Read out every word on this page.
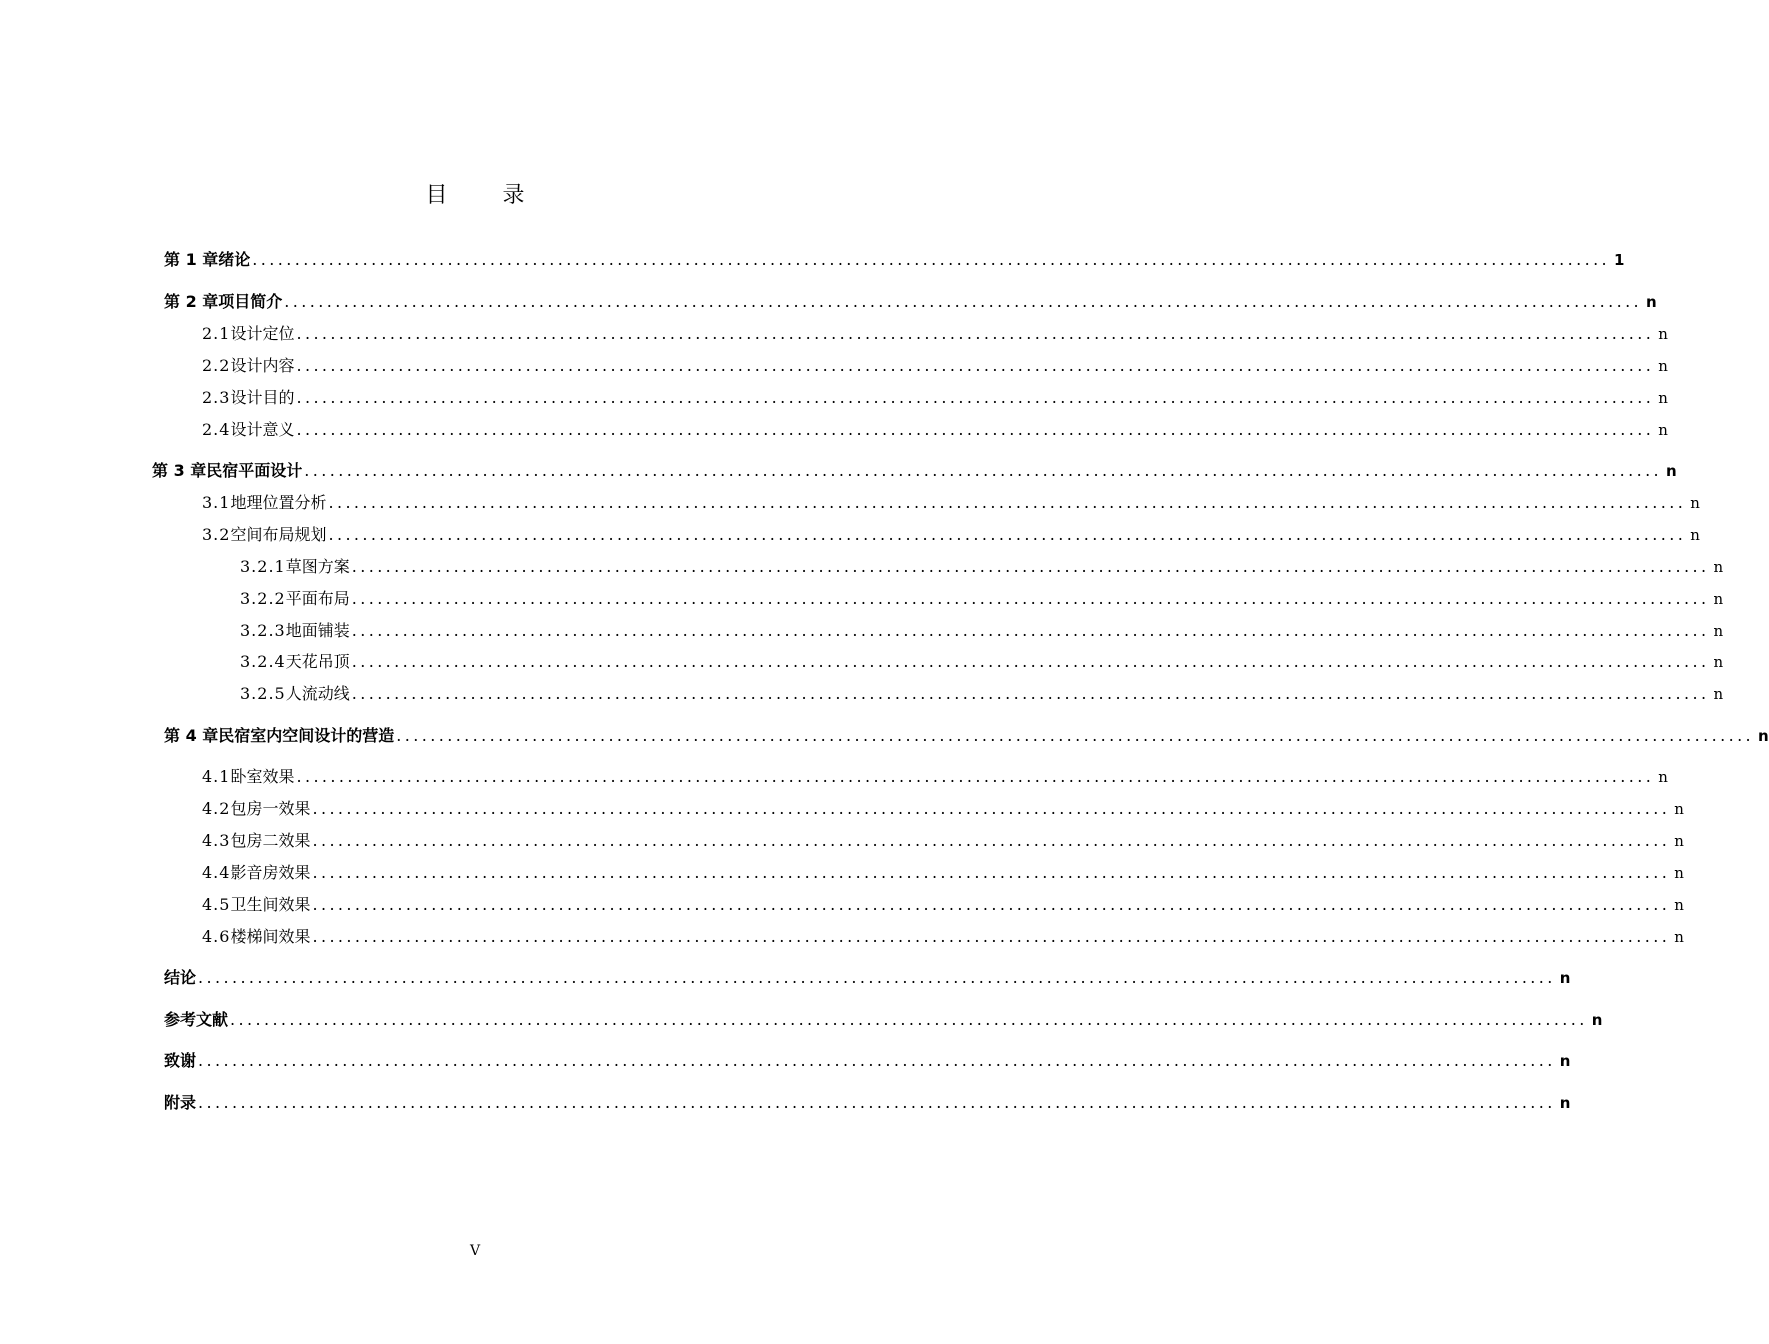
目 录
第 1 章 绪论 ................................................................................................................................................................ 1
第 2 章 项目简介 ................................................................................................................................................................ n
2.1 设计定位 ................................................................................................................................................................ n
2.2 设计内容 ................................................................................................................................................................ n
2.3 设计目的 ................................................................................................................................................................ n
2.4 设计意义 ................................................................................................................................................................ n
第 3 章 民宿平面设计 ................................................................................................................................................................ n
3.1 地理位置分析 ................................................................................................................................................................ n
3.2 空间布局规划 ................................................................................................................................................................ n
3.2.1 草图方案 ................................................................................................................................................................ n
3.2.2 平面布局 ................................................................................................................................................................ n
3.2.3 地面铺装 ................................................................................................................................................................ n
3.2.4 天花吊顶 ................................................................................................................................................................ n
3.2.5 人流动线 ................................................................................................................................................................ n
第 4 章 民宿室内空间设计的营造 ................................................................................................................................................................ n
4.1 卧室效果 ................................................................................................................................................................ n
4.2 包房一效果 ................................................................................................................................................................ n
4.3 包房二效果 ................................................................................................................................................................ n
4.4 影音房效果 ................................................................................................................................................................ n
4.5 卫生间效果 ................................................................................................................................................................ n
4.6 楼梯间效果 ................................................................................................................................................................ n
结论 ................................................................................................................................................................ n
参考文献 ................................................................................................................................................................ n
致谢 ................................................................................................................................................................ n
附录 ................................................................................................................................................................ n
V
